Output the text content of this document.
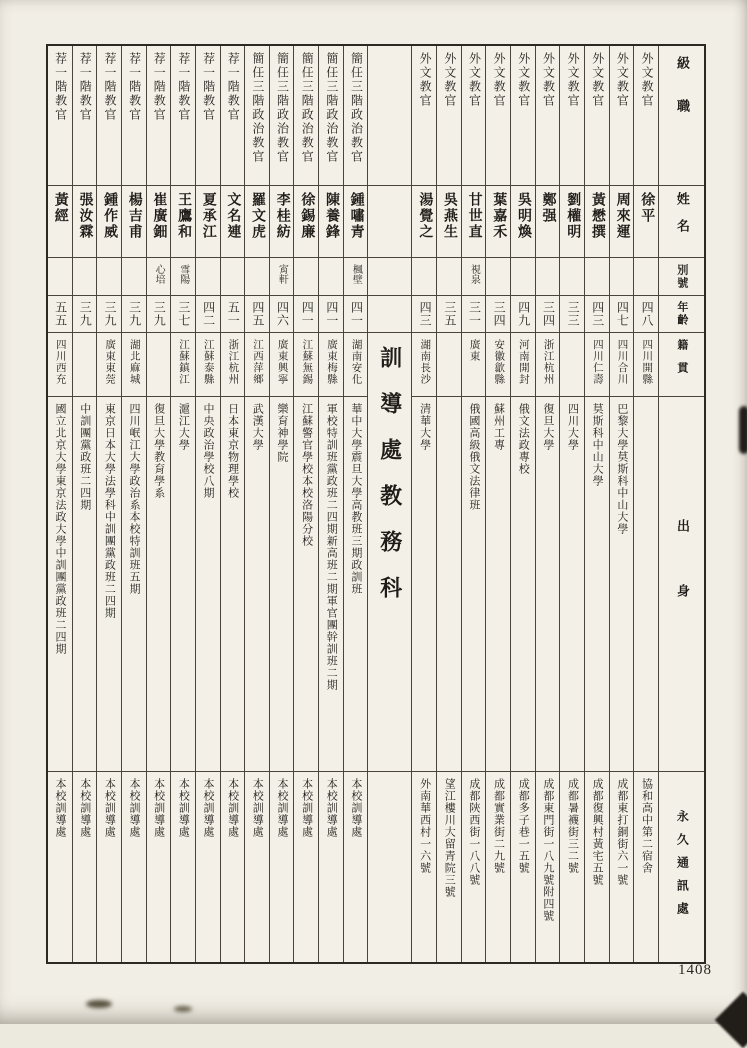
級職
姓名
別號
年齡
籍貫
出身
永久通訊處
外文教官
徐平
四八
四川開縣
協和高中第二宿舍
外文教官
周來運
四七
四川合川
巴黎大學莫斯科中山大學
成都東打銅街六一號
外文教官
黃懋撰
四三
四川仁壽
莫斯科中山大學
成都復興村黃宅五號
外文教官
劉權明
三三
四川大學
成都暑襪街三二號
外文教官
鄭强
三四
浙江杭州
復旦大學
成都東門街一八九號附四號
外文教官
吳明煥
四九
河南開封
俄文法政專校
成都多子巷一五號
外文教官
葉嘉禾
三四
安徽歙縣
蘇州工專
成都實業街二九號
外文教官
甘世直
視泉
三一
廣東
俄國高級俄文法律班
成都陝西街一八八號
外文教官
吳燕生
三五
望江樓川大留青院三號
外文教官
湯覺之
四三
湖南長沙
清華大學
外南華西村一六號
訓導處教務科
簡任三階政治教官
鍾嘯青
楓壁
四一
湖南安化
華中大學震旦大學高教班三期政訓班
本校訓導處
簡任三階政治教官
陳養鋒
四一
廣東梅縣
軍校特訓班黨政班二四期新高班二期軍官團幹訓班二期
本校訓導處
簡任三階政治教官
徐錫廉
四一
江蘇無錫
江蘇警官學校本校洛陽分校
本校訓導處
簡任三階政治教官
李桂紡
宵軒
四六
廣東興寧
樂育神學院
本校訓導處
簡任三階政治教官
羅文虎
四五
江西萍鄉
武漢大學
本校訓導處
荐一階教官
文名連
五一
浙江杭州
日本東京物理學校
本校訓導處
荐一階教官
夏承江
四二
江蘇泰縣
中央政治學校八期
本校訓導處
荐一階教官
王鷹和
雪陽
三七
江蘇鎮江
滬江大學
本校訓導處
荐一階教官
崔廣鈿
心培
三九
復旦大學教育學系
本校訓導處
荐一階教官
楊吉甫
三九
湖北麻城
四川岷江大學政治系本校特訓班五期
本校訓導處
荐一階教官
鍾作威
三九
廣東東莞
東京日本大學法學科中訓團黨政班二四期
本校訓導處
荐一階教官
張汝霖
三九
中訓團黨政班二四期
本校訓導處
荐一階教官
黃經
五五
四川西充
國立北京大學東京法政大學中訓團黨政班二四期
本校訓導處
1408
